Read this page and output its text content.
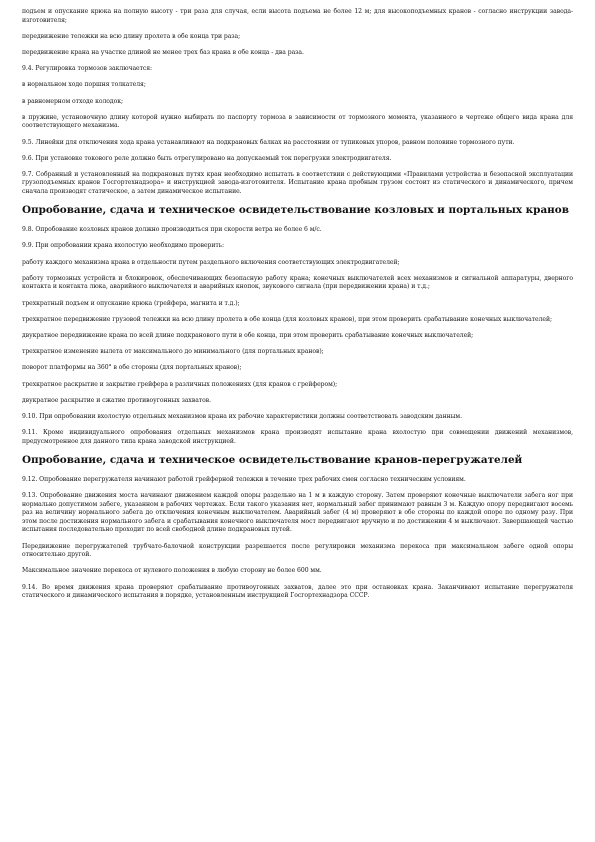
подъем и опускание крюка на полную высоту - три раза для случая, если высота подъема не более 12 м; для высокоподъемных кранов - согласно инструкции завода-изготовителя;

передвижение тележки на всю длину пролета в обе конца три раза;

передвижение крана на участке длиной не менее трех баз крана в обе конца - два раза.

9.4. Регулировка тормозов заключается:

в нормальном ходе поршня толкателя;

в равномерном отходе колодок;

в пружине, установочную длину которой нужно выбирать по паспорту тормоза в зависимости от тормозного момента, указанного в чертеже общего вида крана для соответствующего механизма.

9.5. Линейки для отключения хода крана устанавливают на подкрановых балках на расстоянии от тупиковых упоров, равном половине тормозного пути.

9.6. При установке токового реле должно быть отрегулировано на допускаемый ток перегрузки электродвигателя.

9.7. Собранный и установленный на подкрановых путях кран необходимо испытать в соответствии с действующими «Правилами устройства и безопасной эксплуатации грузоподъемных кранов Госгортехнадзора» и инструкцией завода-изготовителя. Испытание крана пробным грузом состоит из статического и динамического, причем сначала производят статическое, а затем динамическое испытание.

Опробование, сдача и техническое освидетельствование козловых и портальных кранов

9.8. Опробование козловых кранов должно производиться при скорости ветра не более 6 м/с.

9.9. При опробовании крана вхолостую необходимо проверить:

работу каждого механизма крана в отдельности путем раздельного включения соответствующих электродвигателей;

работу тормозных устройств и блокировок, обеспечивающих безопасную работу крана; конечных выключателей всех механизмов и сигнальной аппаратуры, дверного контакта и контакта люка, аварийного выключателя и аварийных кнопок, звукового сигнала (при передвижении крана) и т.д.;

трехкратный подъем и опускание крюка (грейфера, магнита и т.д.);

трехкратное передвижение грузовой тележки на всю длину пролета в обе конца (для козловых кранов), при этом проверить срабатывание конечных выключателей;

двукратное передвижение крана по всей длине подкранового пути в обе конца, при этом проверить срабатывание конечных выключателей;

трехкратное изменение вылета от максимального до минимального (для портальных кранов);

поворот платформы на 360° в обе стороны (для портальных кранов);

трехкратное раскрытие и закрытие грейфера в различных положениях (для кранов с грейфером);

двукратное раскрытие и сжатие противоугонных захватов.

9.10. При опробовании вхолостую отдельных механизмов крана их рабочие характеристики должны соответствовать заводским данным.

9.11. Кроме индивидуального опробования отдельных механизмов крана производят испытание крана вхолостую при совмещении движений механизмов, предусмотренное для данного типа крана заводской инструкцией.

Опробование, сдача и техническое освидетельствование кранов-перегружателей

9.12. Опробование перегружателя начинают работой грейферной тележки в течение трех рабочих смен согласно техническим условиям.

9.13. Опробование движения моста начинают движением каждой опоры раздельно на 1 м в каждую сторону. Затем проверяют конечные выключатели забега ног при нормально допустимом забеге, указанном в рабочих чертежах. Если такого указания нет, нормальный забег принимают равным 3 м. Каждую опору передвигают восемь раз на величину нормального забега до отключения конечным выключателем. Аварийный забег (4 м) проверяют в обе стороны по каждой опоре по одному разу. При этом после достижения нормального забега и срабатывания конечного выключателя мост передвигают вручную и по достижении 4 м выключают. Завершающей частью испытания последовательно проходит по всей свободной длине подкрановых путей.

Передвижение перегружателей трубчато-балочной конструкции разрешается после регулировки механизма перекоса при максимальном забеге одной опоры относительно другой.

Максимальное значение перекоса от нулевого положения в любую сторону не более 600 мм.

9.14. Во время движения крана проверяют срабатывание противоугонных захватов, далее это при остановках крана. Заканчивают испытание перегружателя статического и динамического испытания в порядке, установленным инструкцией Госгортехнадзора СССР.
